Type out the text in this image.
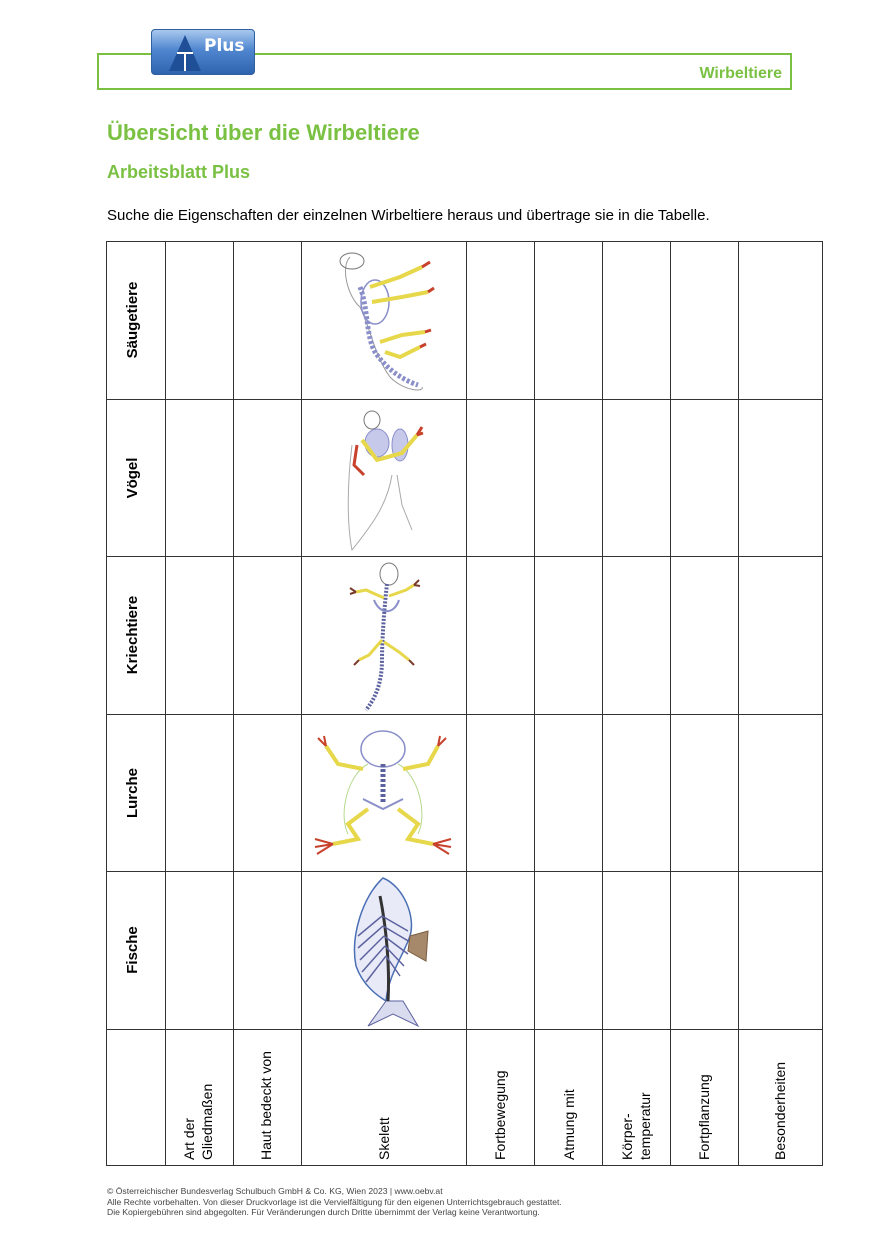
Wirbeltiere
Plus
Übersicht über die Wirbeltiere
Arbeitsblatt Plus
Suche die Eigenschaften der einzelnen Wirbeltiere heraus und übertrage sie in die Tabelle.
Säugetiere
Vögel
Kriechtiere
Lurche
Fische
Art der Gliedmaßen	Haut bedeckt von	Skelett	Fortbewegung	Atmung mit	Körper- temperatur	Fortpflanzung	Besonderheiten
© Österreichischer Bundesverlag Schulbuch GmbH & Co. KG, Wien 2023 | www.oebv.at
Alle Rechte vorbehalten. Von dieser Druckvorlage ist die Vervielfältigung für den eigenen Unterrichtsgebrauch gestattet.
Die Kopiergebühren sind abgegolten. Für Veränderungen durch Dritte übernimmt der Verlag keine Verantwortung.
